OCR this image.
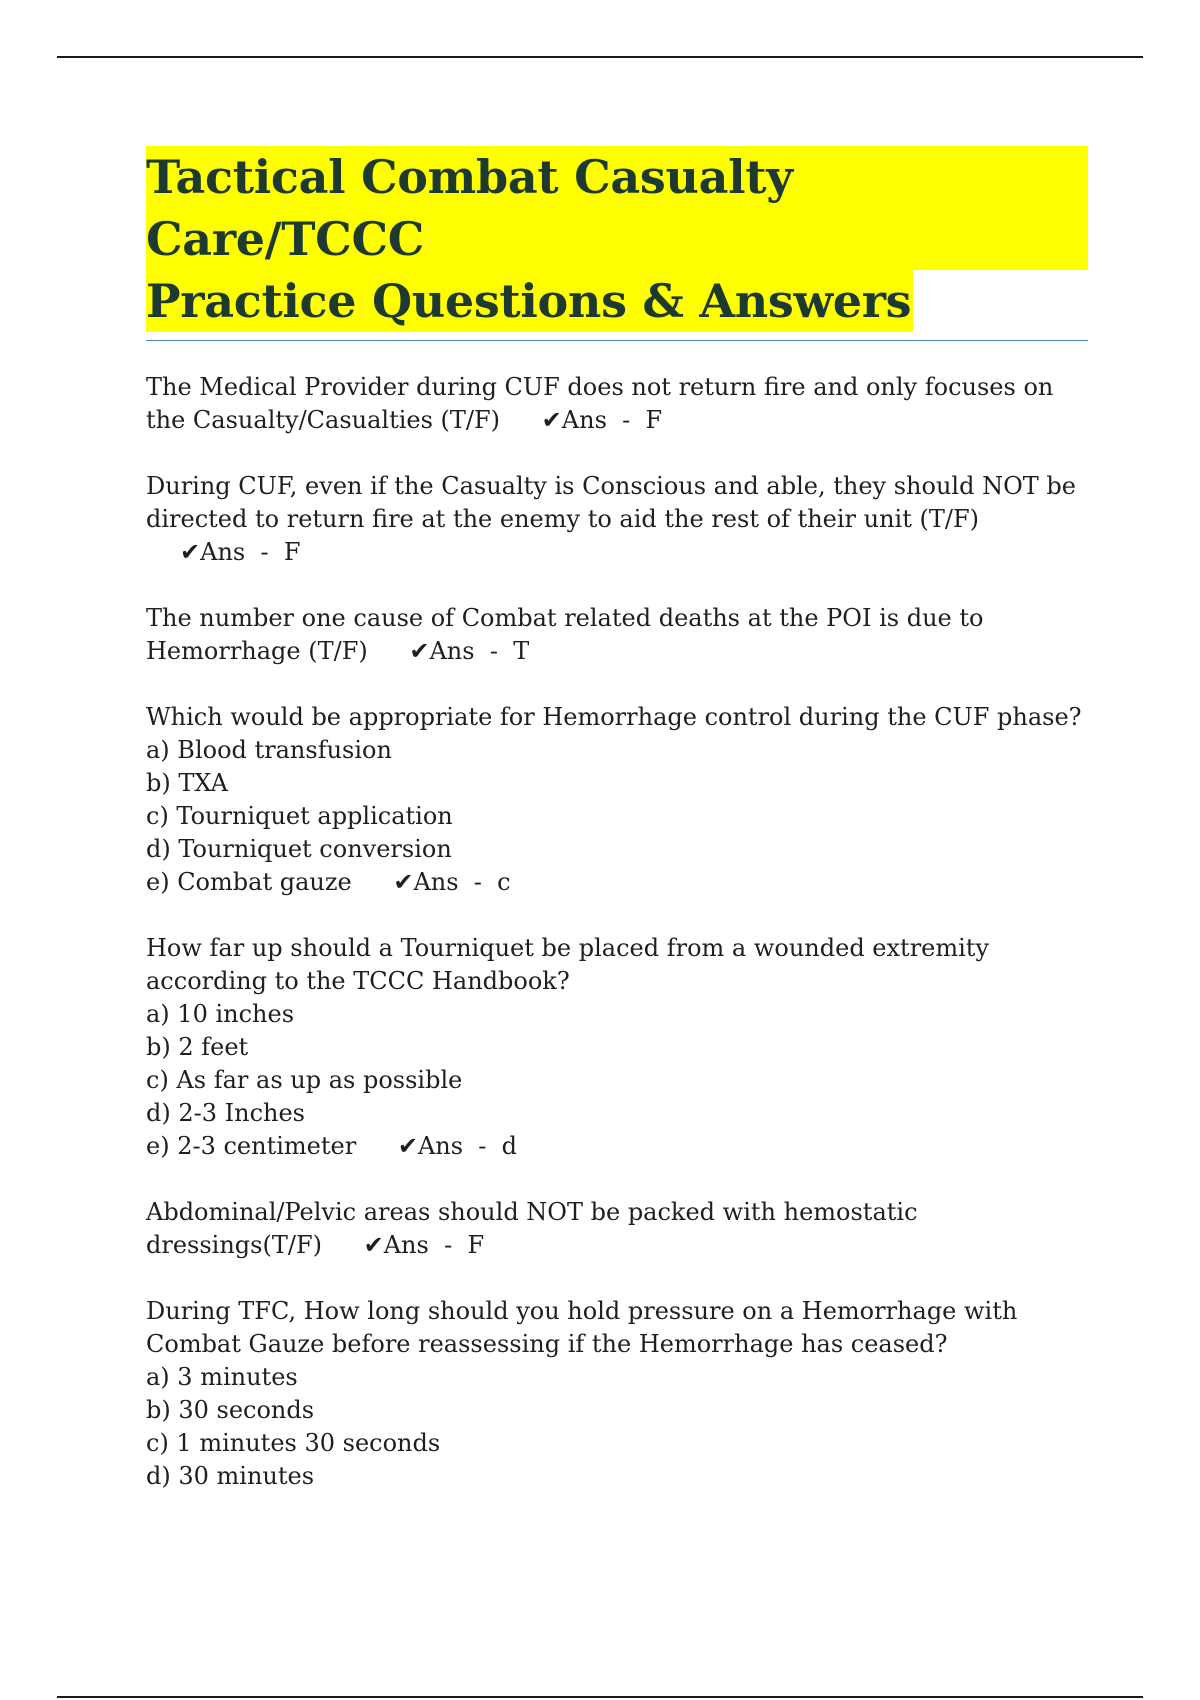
Tactical Combat Casualty Care/TCCC
Practice Questions & Answers
The Medical Provider during CUF does not return fire and only focuses on the Casualty/Casualties (T/F) ✔Ans  -  F
During CUF, even if the Casualty is Conscious and able, they should NOT be directed to return fire at the enemy to aid the rest of their unit (T/F) ✔Ans  -  F
The number one cause of Combat related deaths at the POI is due to Hemorrhage (T/F) ✔Ans  -  T
Which would be appropriate for Hemorrhage control during the CUF phase?
a) Blood transfusion
b) TXA
c) Tourniquet application
d) Tourniquet conversion
e) Combat gauze ✔Ans  -  c
How far up should a Tourniquet be placed from a wounded extremity according to the TCCC Handbook?
a) 10 inches
b) 2 feet
c) As far as up as possible
d) 2-3 Inches
e) 2-3 centimeter ✔Ans  -  d
Abdominal/Pelvic areas should NOT be packed with hemostatic dressings(T/F) ✔Ans  -  F
During TFC, How long should you hold pressure on a Hemorrhage with Combat Gauze before reassessing if the Hemorrhage has ceased?
a) 3 minutes
b) 30 seconds
c) 1 minutes 30 seconds
d) 30 minutes
